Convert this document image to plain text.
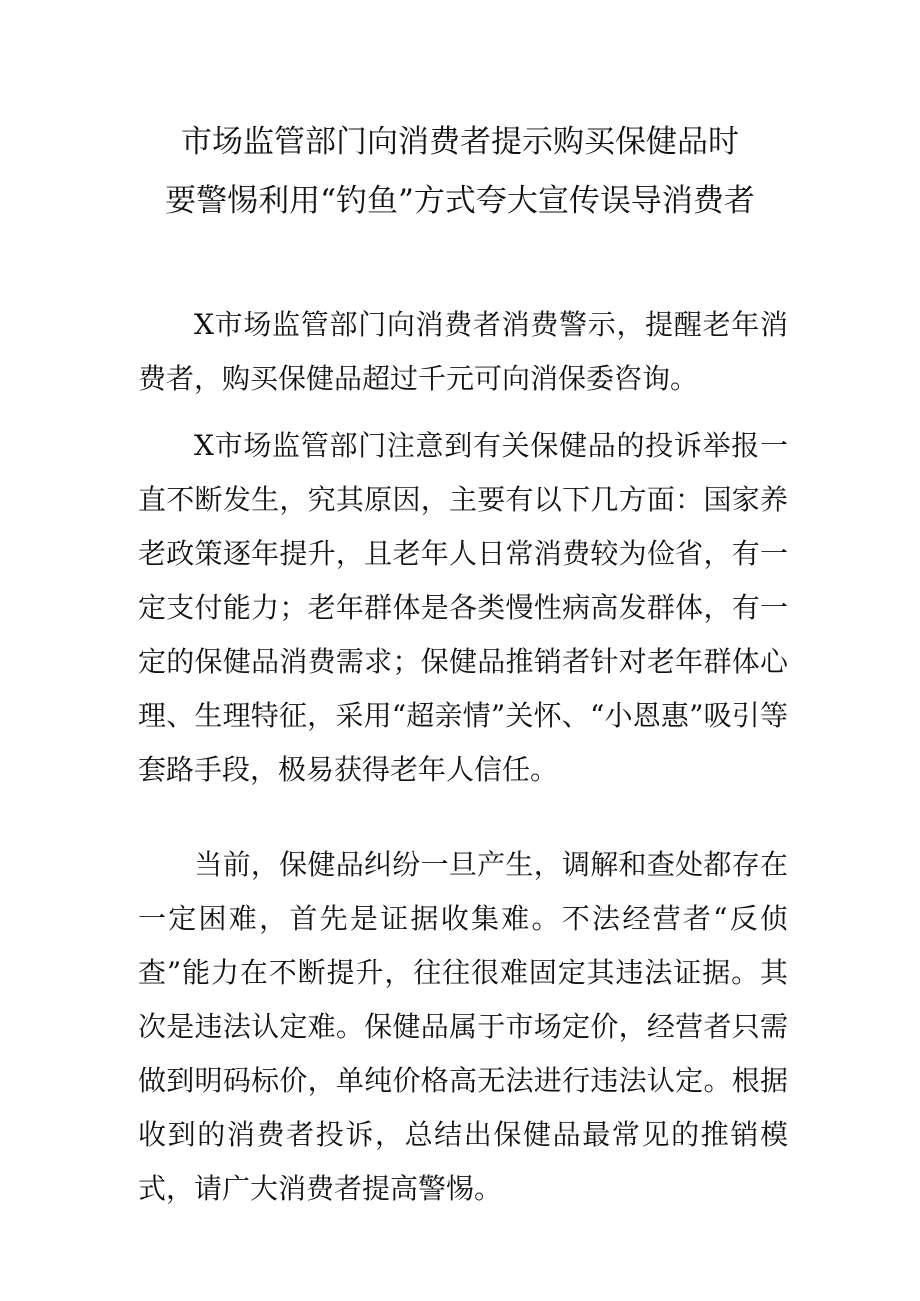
市场监管部门向消费者提示购买保健品时
要警惕利用“钓鱼”方式夸大宣传误导消费者

X市场监管部门向消费者消费警示，提醒老年消费者，购买保健品超过千元可向消保委咨询。

X市场监管部门注意到有关保健品的投诉举报一直不断发生，究其原因，主要有以下几方面：国家养老政策逐年提升，且老年人日常消费较为俭省，有一定支付能力；老年群体是各类慢性病高发群体，有一定的保健品消费需求；保健品推销者针对老年群体心理、生理特征，采用“超亲情”关怀、“小恩惠”吸引等套路手段，极易获得老年人信任。

当前，保健品纠纷一旦产生，调解和查处都存在一定困难，首先是证据收集难。不法经营者“反侦查”能力在不断提升，往往很难固定其违法证据。其次是违法认定难。保健品属于市场定价，经营者只需做到明码标价，单纯价格高无法进行违法认定。根据收到的消费者投诉，总结出保健品最常见的推销模式，请广大消费者提高警惕。
